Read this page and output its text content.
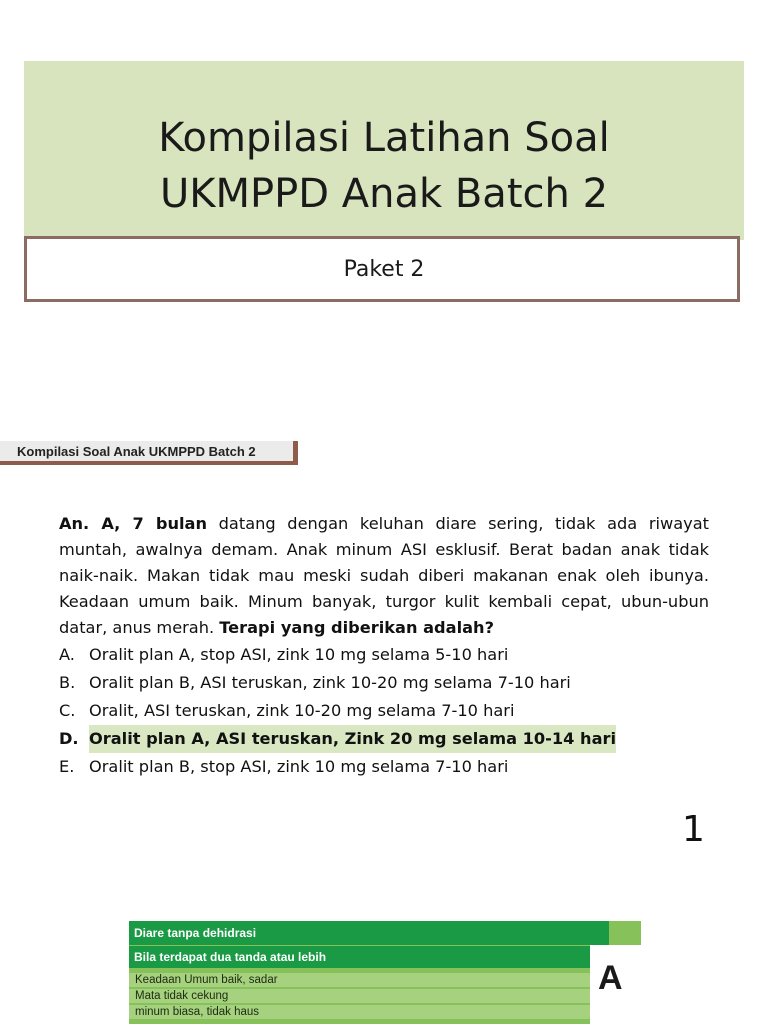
Kompilasi Latihan Soal
UKMPPD Anak Batch 2
Paket 2
Kompilasi Soal Anak UKMPPD Batch 2
An. A, 7 bulan datang dengan keluhan diare sering, tidak ada riwayat muntah, awalnya demam. Anak minum ASI esklusif. Berat badan anak tidak naik-naik. Makan tidak mau meski sudah diberi makanan enak oleh ibunya. Keadaan umum baik. Minum banyak, turgor kulit kembali cepat, ubun-ubun datar, anus merah. Terapi yang diberikan adalah?
A. Oralit plan A, stop ASI, zink 10 mg selama 5-10 hari
B. Oralit plan B, ASI teruskan, zink 10-20 mg selama 7-10 hari
C. Oralit, ASI teruskan, zink 10-20 mg selama 7-10 hari
D. Oralit plan A, ASI teruskan, Zink 20 mg selama 10-14 hari
E. Oralit plan B, stop ASI, zink 10 mg selama 7-10 hari
1
Diare tanpa dehidrasi
Bila terdapat dua tanda atau lebih
Keadaan Umum baik, sadar
Mata tidak cekung
minum biasa, tidak haus
A
